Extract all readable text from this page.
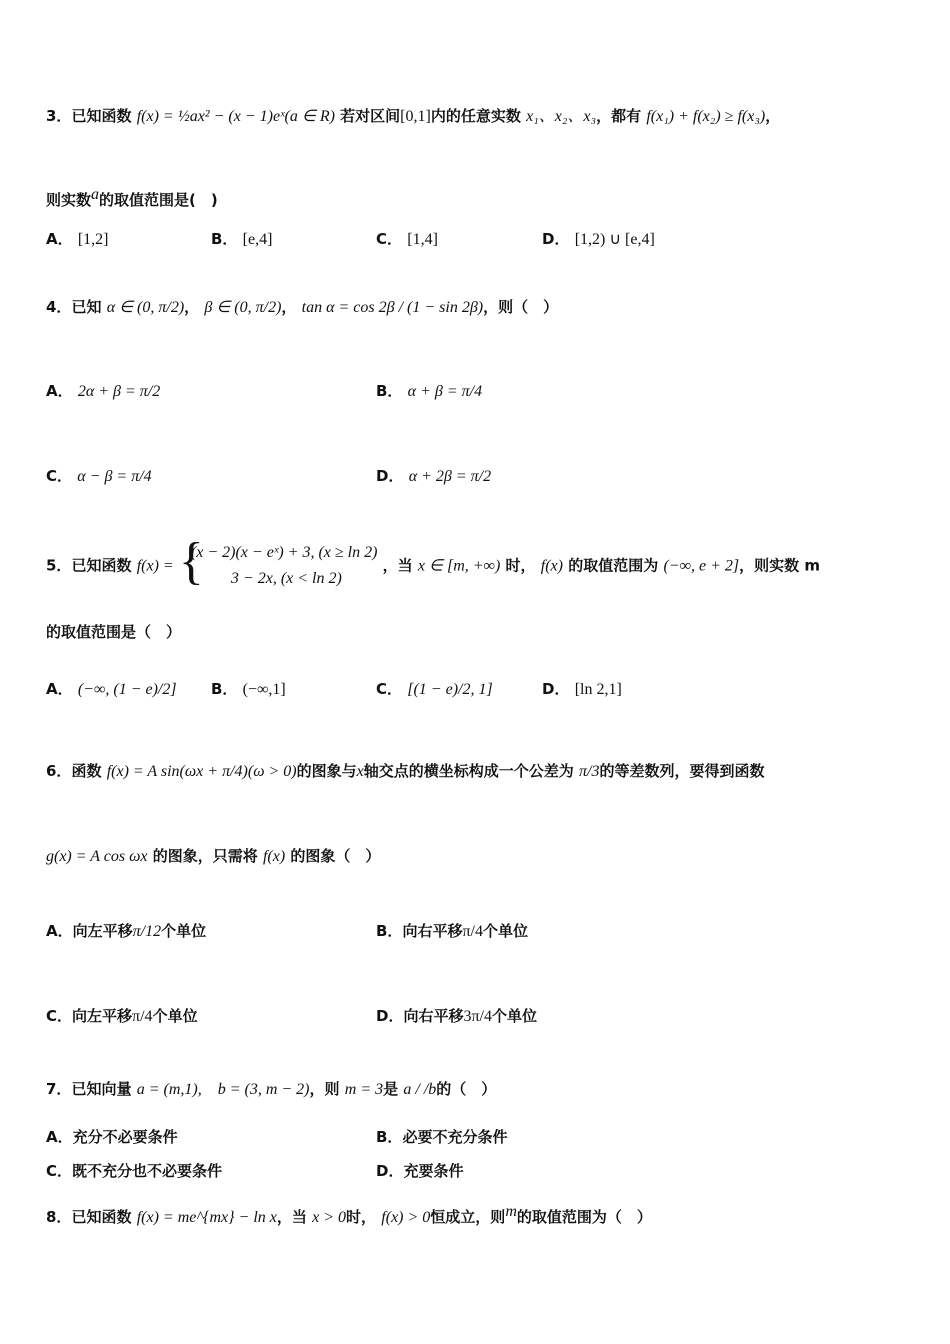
3．已知函数 f(x) = ½ax² − (x − 1)eˣ(a ∈ R) 若对区间[0,1]内的任意实数 x₁、x₂、x₃，都有 f(x₁) + f(x₂) ≥ f(x₃)，
则实数$^a$的取值范围是(　)
A． [1,2]	B． [e,4]	C． [1,4]	D． [1,2) ∪ [e,4]
4．已知 α ∈ (0, π/2)， β ∈ (0, π/2)， tan α = cos 2β / (1 − sin 2β)，则（　）
A． 2α + β = π/2	B． α + β = π/4
C． α − β = π/4	D． α + 2β = π/2
5．已知函数 f(x) = {
(x − 2)(x − eˣ) + 3, (x ≥ ln 2)
3 − 2x, (x < ln 2)
，当 x ∈ [m, +∞) 时， f(x) 的取值范围为 (−∞, e + 2]，则实数 m
的取值范围是（　）
A． (−∞, (1 − e)/2] B． (−∞,1]	C． [(1 − e)/2, 1]	D． [ln 2,1]
6．函数 f(x) = A sin(ωx + π/4)(ω > 0)的图象与x轴交点的横坐标构成一个公差为 π/3的等差数列，要得到函数
g(x) = A cos ωx 的图象，只需将 f(x) 的图象（　）
A．向左平移π/12个单位	B．向右平移π/4个单位
C．向左平移π/4个单位	D．向右平移3π/4个单位
7．已知向量 a = (m,1),　b = (3, m − 2)，则 m = 3是 a / /b的（　）
A．充分不必要条件	B．必要不充分条件
C．既不充分也不必要条件	D．充要条件
8．已知函数 f(x) = me^{mx} − ln x，当 x > 0时， f(x) > 0恒成立，则$^m$的取值范围为（　）
